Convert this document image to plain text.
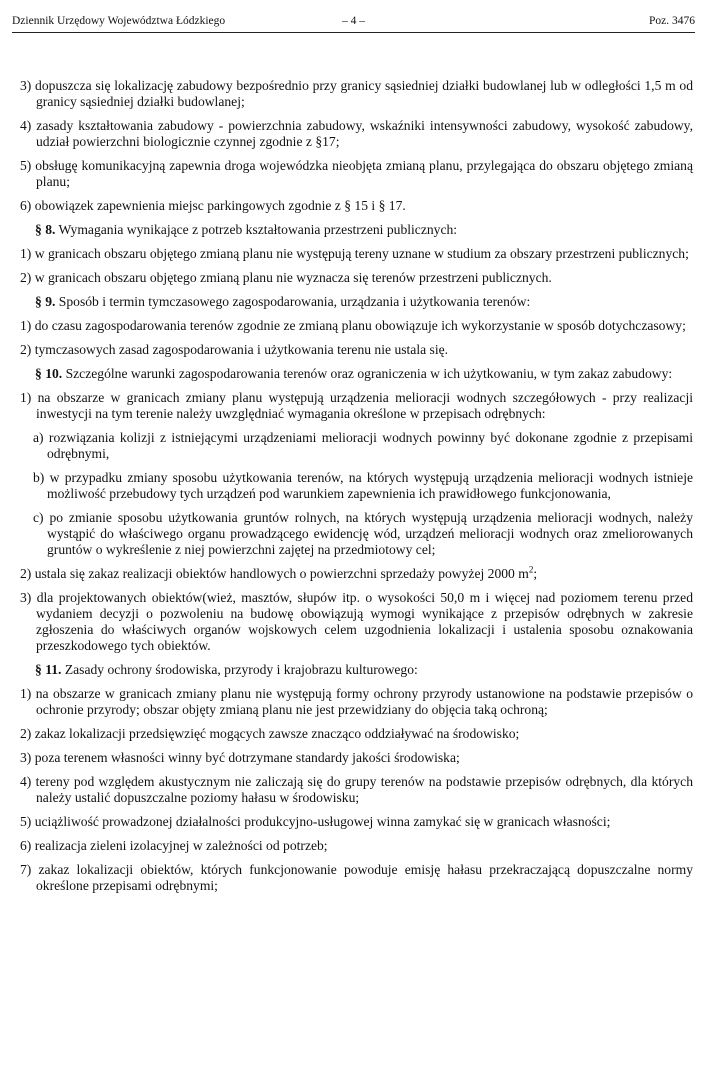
Dziennik Urzędowy Województwa Łódzkiego	– 4 –	Poz. 3476
3) dopuszcza się lokalizację zabudowy bezpośrednio przy granicy sąsiedniej działki budowlanej lub w odległości 1,5 m od granicy sąsiedniej działki budowlanej;
4) zasady kształtowania zabudowy - powierzchnia zabudowy, wskaźniki intensywności zabudowy, wysokość zabudowy, udział powierzchni biologicznie czynnej zgodnie z §17;
5) obsługę komunikacyjną zapewnia droga wojewódzka nieobjęta zmianą planu, przylegająca do obszaru objętego zmianą planu;
6) obowiązek zapewnienia miejsc parkingowych zgodnie z § 15 i § 17.
§ 8. Wymagania wynikające z potrzeb kształtowania przestrzeni publicznych:
1) w granicach obszaru objętego zmianą planu nie występują tereny uznane w studium za obszary przestrzeni publicznych;
2) w granicach obszaru objętego zmianą planu nie wyznacza się terenów przestrzeni publicznych.
§ 9. Sposób i termin tymczasowego zagospodarowania, urządzania i użytkowania terenów:
1) do czasu zagospodarowania terenów zgodnie ze zmianą planu obowiązuje ich wykorzystanie w sposób dotychczasowy;
2) tymczasowych zasad zagospodarowania i użytkowania terenu nie ustala się.
§ 10. Szczególne warunki zagospodarowania terenów oraz ograniczenia w ich użytkowaniu, w tym zakaz zabudowy:
1) na obszarze w granicach zmiany planu występują urządzenia melioracji wodnych szczegółowych - przy realizacji inwestycji na tym terenie należy uwzględniać wymagania określone w przepisach odrębnych:
a) rozwiązania kolizji z istniejącymi urządzeniami melioracji wodnych powinny być dokonane zgodnie z przepisami odrębnymi,
b) w przypadku zmiany sposobu użytkowania terenów, na których występują urządzenia melioracji wodnych istnieje możliwość przebudowy tych urządzeń pod warunkiem zapewnienia ich prawidłowego funkcjonowania,
c) po zmianie sposobu użytkowania gruntów rolnych, na których występują urządzenia melioracji wodnych, należy wystąpić do właściwego organu prowadzącego ewidencję wód, urządzeń melioracji wodnych oraz zmeliorowanych gruntów o wykreślenie z niej powierzchni zajętej na przedmiotowy cel;
2) ustala się zakaz realizacji obiektów handlowych o powierzchni sprzedaży powyżej 2000 $m^2$;
3) dla projektowanych obiektów(wież, masztów, słupów itp. o wysokości 50,0 m i więcej nad poziomem terenu przed wydaniem decyzji o pozwoleniu na budowę obowiązują wymogi wynikające z przepisów odrębnych w zakresie zgłoszenia do właściwych organów wojskowych celem uzgodnienia lokalizacji i ustalenia sposobu oznakowania przeszkodowego tych obiektów.
§ 11. Zasady ochrony środowiska, przyrody i krajobrazu kulturowego:
1) na obszarze w granicach zmiany planu nie występują formy ochrony przyrody ustanowione na podstawie przepisów o ochronie przyrody; obszar objęty zmianą planu nie jest przewidziany do objęcia taką ochroną;
2) zakaz lokalizacji przedsięwzięć mogących zawsze znacząco oddziaływać na środowisko;
3) poza terenem własności winny być dotrzymane standardy jakości środowiska;
4) tereny pod względem akustycznym nie zaliczają się do grupy terenów na podstawie przepisów odrębnych, dla których należy ustalić dopuszczalne poziomy hałasu w środowisku;
5) uciążliwość prowadzonej działalności produkcyjno-usługowej winna zamykać się w granicach własności;
6) realizacja zieleni izolacyjnej w zależności od potrzeb;
7) zakaz lokalizacji obiektów, których funkcjonowanie powoduje emisję hałasu przekraczającą dopuszczalne normy określone przepisami odrębnymi;
